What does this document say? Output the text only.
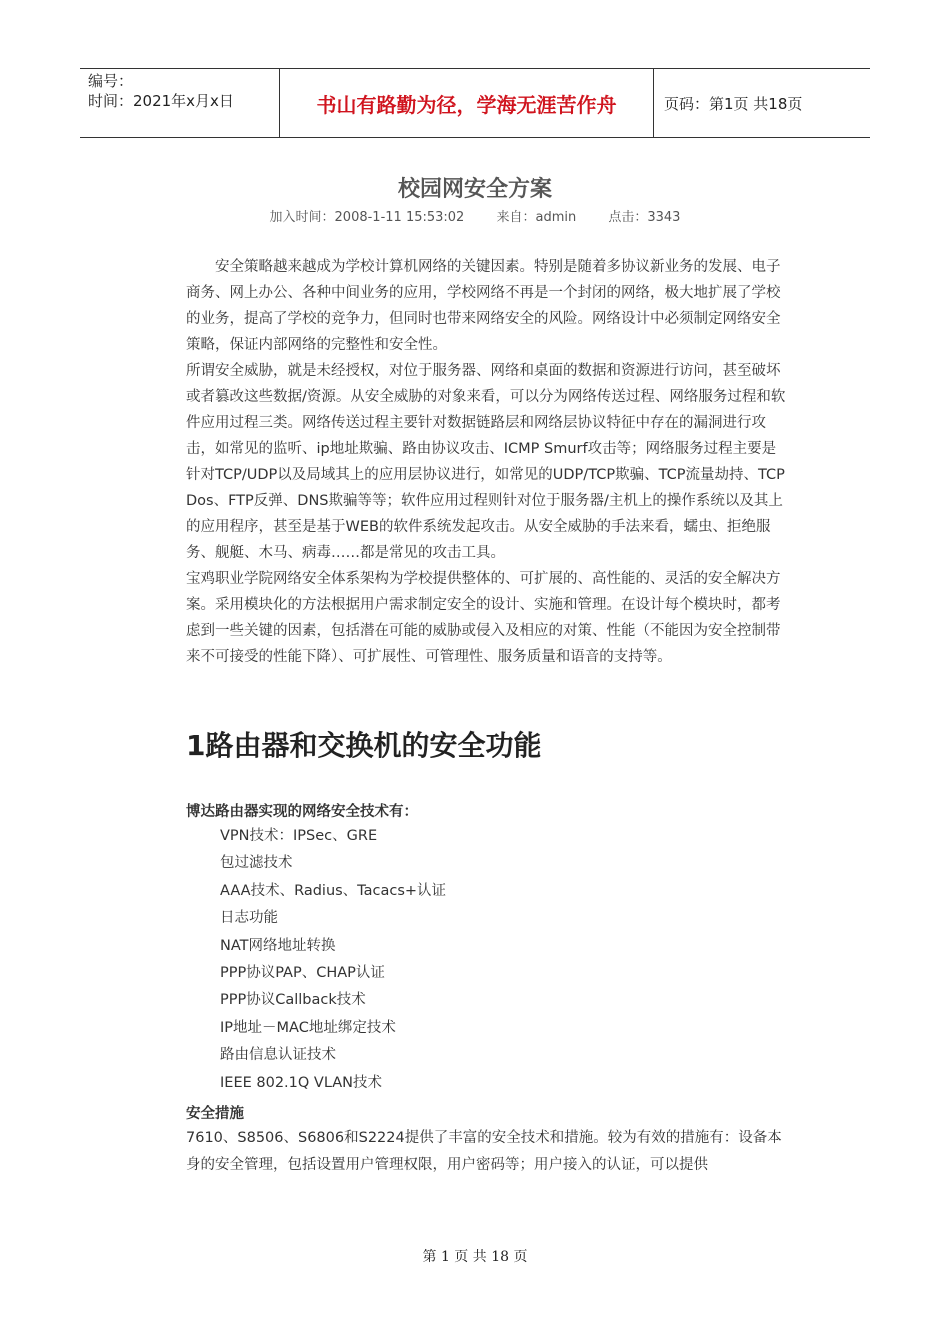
编号：
时间：2021年x月x日	书山有路勤为径，学海无涯苦作舟	页码：第1页 共18页
校园网安全方案
加入时间：2008-1-11 15:53:02 来自：admin 点击：3343

安全策略越来越成为学校计算机网络的关键因素。特别是随着多协议新业务的发展、电子商务、网上办公、各种中间业务的应用，学校网络不再是一个封闭的网络，极大地扩展了学校的业务，提高了学校的竞争力，但同时也带来网络安全的风险。网络设计中必须制定网络安全策略，保证内部网络的完整性和安全性。

所谓安全威胁，就是未经授权，对位于服务器、网络和桌面的数据和资源进行访问，甚至破坏或者篡改这些数据/资源。从安全威胁的对象来看，可以分为网络传送过程、网络服务过程和软件应用过程三类。网络传送过程主要针对数据链路层和网络层协议特征中存在的漏洞进行攻击，如常见的监听、ip地址欺骗、路由协议攻击、ICMP Smurf攻击等；网络服务过程主要是针对TCP/UDP以及局域其上的应用层协议进行，如常见的UDP/TCP欺骗、TCP流量劫持、TCP Dos、FTP反弹、DNS欺骗等等；软件应用过程则针对位于服务器/主机上的操作系统以及其上的应用程序，甚至是基于WEB的软件系统发起攻击。从安全威胁的手法来看，蠕虫、拒绝服务、舰艇、木马、病毒……都是常见的攻击工具。

宝鸡职业学院网络安全体系架构为学校提供整体的、可扩展的、高性能的、灵活的安全解决方案。采用模块化的方法根据用户需求制定安全的设计、实施和管理。在设计每个模块时，都考虑到一些关键的因素，包括潜在可能的威胁或侵入及相应的对策、性能（不能因为安全控制带来不可接受的性能下降）、可扩展性、可管理性、服务质量和语音的支持等。

1路由器和交换机的安全功能
博达路由器实现的网络安全技术有：
VPN技术：IPSec、GRE
包过滤技术
AAA技术、Radius、Tacacs+认证
日志功能
NAT网络地址转换
PPP协议PAP、CHAP认证
PPP协议Callback技术
IP地址－MAC地址绑定技术
路由信息认证技术
IEEE 802.1Q VLAN技术
安全措施

7610、S8506、S6806和S2224提供了丰富的安全技术和措施。较为有效的措施有：设备本身的安全管理，包括设置用户管理权限，用户密码等；用户接入的认证，可以提供

第 1 页 共 18 页
